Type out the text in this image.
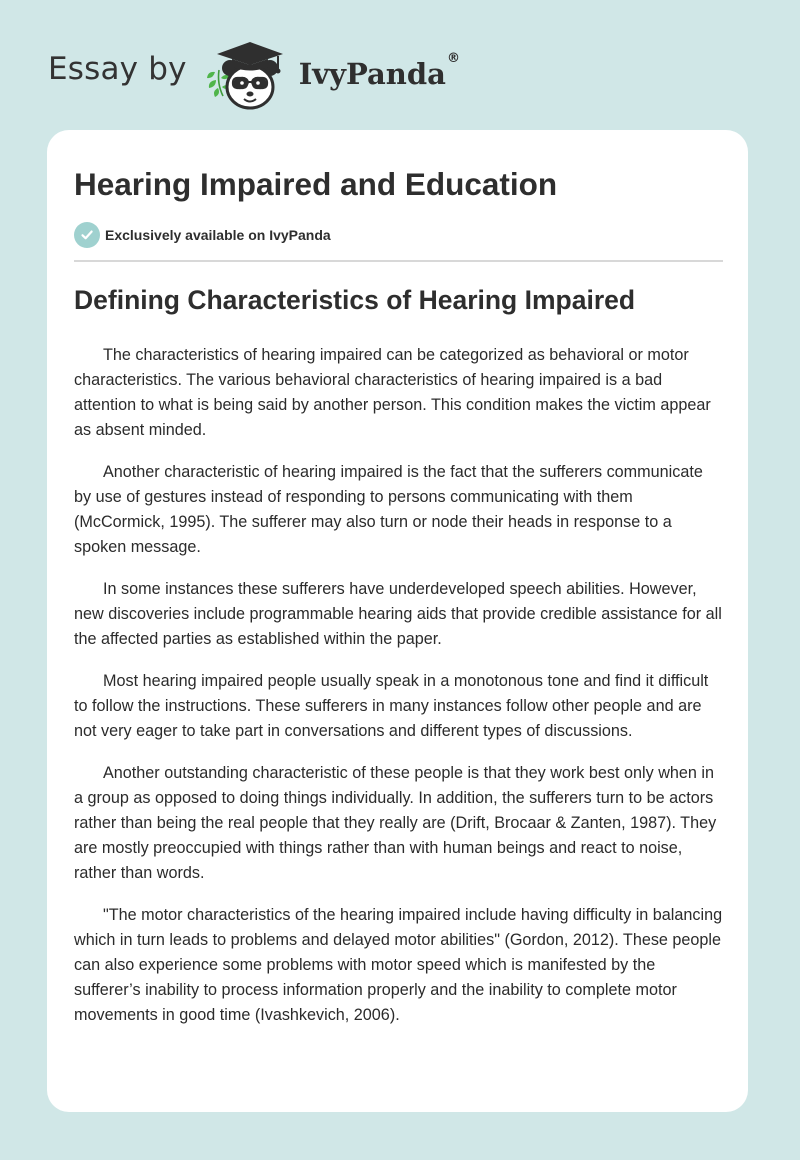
Essay by	IvyPanda®
Hearing Impaired and Education
Exclusively available on IvyPanda
Defining Characteristics of Hearing Impaired

The characteristics of hearing impaired can be categorized as behavioral or motor characteristics. The various behavioral characteristics of hearing impaired is a bad attention to what is being said by another person. This condition makes the victim appear as absent minded.

Another characteristic of hearing impaired is the fact that the sufferers communicate by use of gestures instead of responding to persons communicating with them (McCormick, 1995). The sufferer may also turn or node their heads in response to a spoken message.

In some instances these sufferers have underdeveloped speech abilities. However, new discoveries include programmable hearing aids that provide credible assistance for all the affected parties as established within the paper.

Most hearing impaired people usually speak in a monotonous tone and find it difficult to follow the instructions. These sufferers in many instances follow other people and are not very eager to take part in conversations and different types of discussions.

Another outstanding characteristic of these people is that they work best only when in a group as opposed to doing things individually. In addition, the sufferers turn to be actors rather than being the real people that they really are (Drift, Brocaar & Zanten, 1987). They are mostly preoccupied with things rather than with human beings and react to noise, rather than words.

"The motor characteristics of the hearing impaired include having difficulty in balancing which in turn leads to problems and delayed motor abilities" (Gordon, 2012). These people can also experience some problems with motor speed which is manifested by the sufferer’s inability to process information properly and the inability to complete motor movements in good time (Ivashkevich, 2006).
